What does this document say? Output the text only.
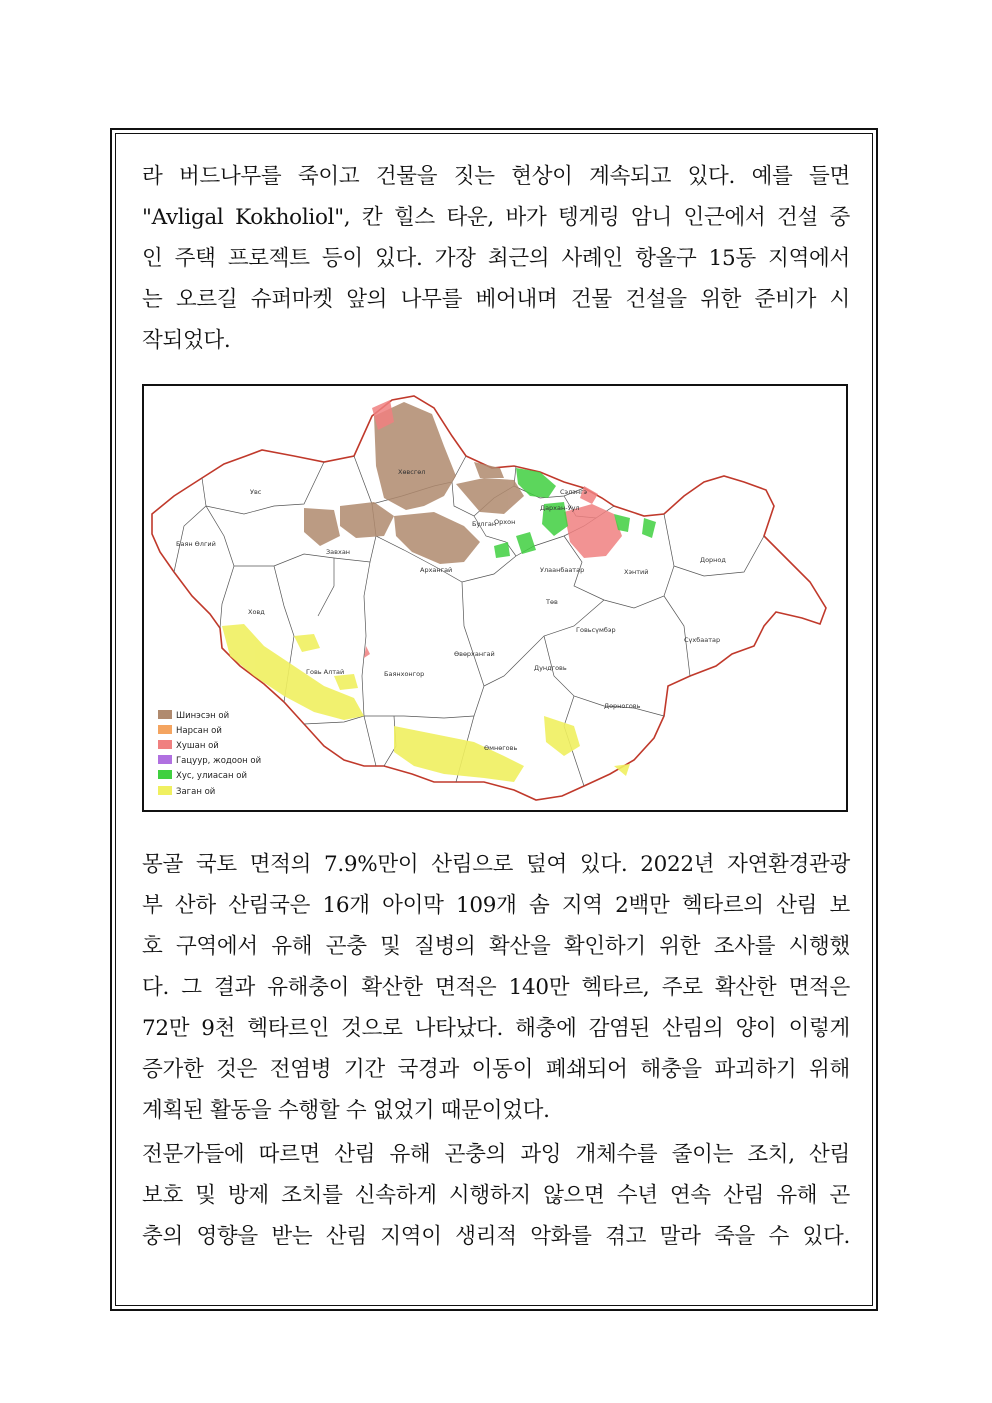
라 버드나무를 죽이고 건물을 짓는 현상이 계속되고 있다. 예를 들면
"Avligal Kokholiol", 칸 힐스 타운, 바가 텡게링 암니 인근에서 건설 중
인 주택 프로젝트 등이 있다. 가장 최근의 사례인 항올구 15동 지역에서
는 오르길 슈퍼마켓 앞의 나무를 베어내며 건물 건설을 위한 준비가 시
작되었다.
Увс
Хөвсгөл
Сэлэнгэ
Дархан-Уул
Булган
Орхон
Баян Өлгий
Завхан
Архангай	Улаанбаатар	Хэнтий
Дорнод
Ховд
Төв
Говьсүмбэр
Сүхбаатар
Өвөрхангай
Говь Алтай	Баянхонгор
Дундговь
Дорноговь
Өмнөговь
Шинэсэн ой
Нарсан ой
Хушан ой
Гацуур, жодоон ой
Хус, улиасан ой
Заган ой
몽골 국토 면적의 7.9%만이 산림으로 덮여 있다. 2022년 자연환경관광
부 산하 산림국은 16개 아이막 109개 솜 지역 2백만 헥타르의 산림 보
호 구역에서 유해 곤충 및 질병의 확산을 확인하기 위한 조사를 시행했
다. 그 결과 유해충이 확산한 면적은 140만 헥타르, 주로 확산한 면적은
72만 9천 헥타르인 것으로 나타났다. 해충에 감염된 산림의 양이 이렇게
증가한 것은 전염병 기간 국경과 이동이 폐쇄되어 해충을 파괴하기 위해
계획된 활동을 수행할 수 없었기 때문이었다.
전문가들에 따르면 산림 유해 곤충의 과잉 개체수를 줄이는 조치, 산림
보호 및 방제 조치를 신속하게 시행하지 않으면 수년 연속 산림 유해 곤
충의 영향을 받는 산림 지역이 생리적 악화를 겪고 말라 죽을 수 있다.
